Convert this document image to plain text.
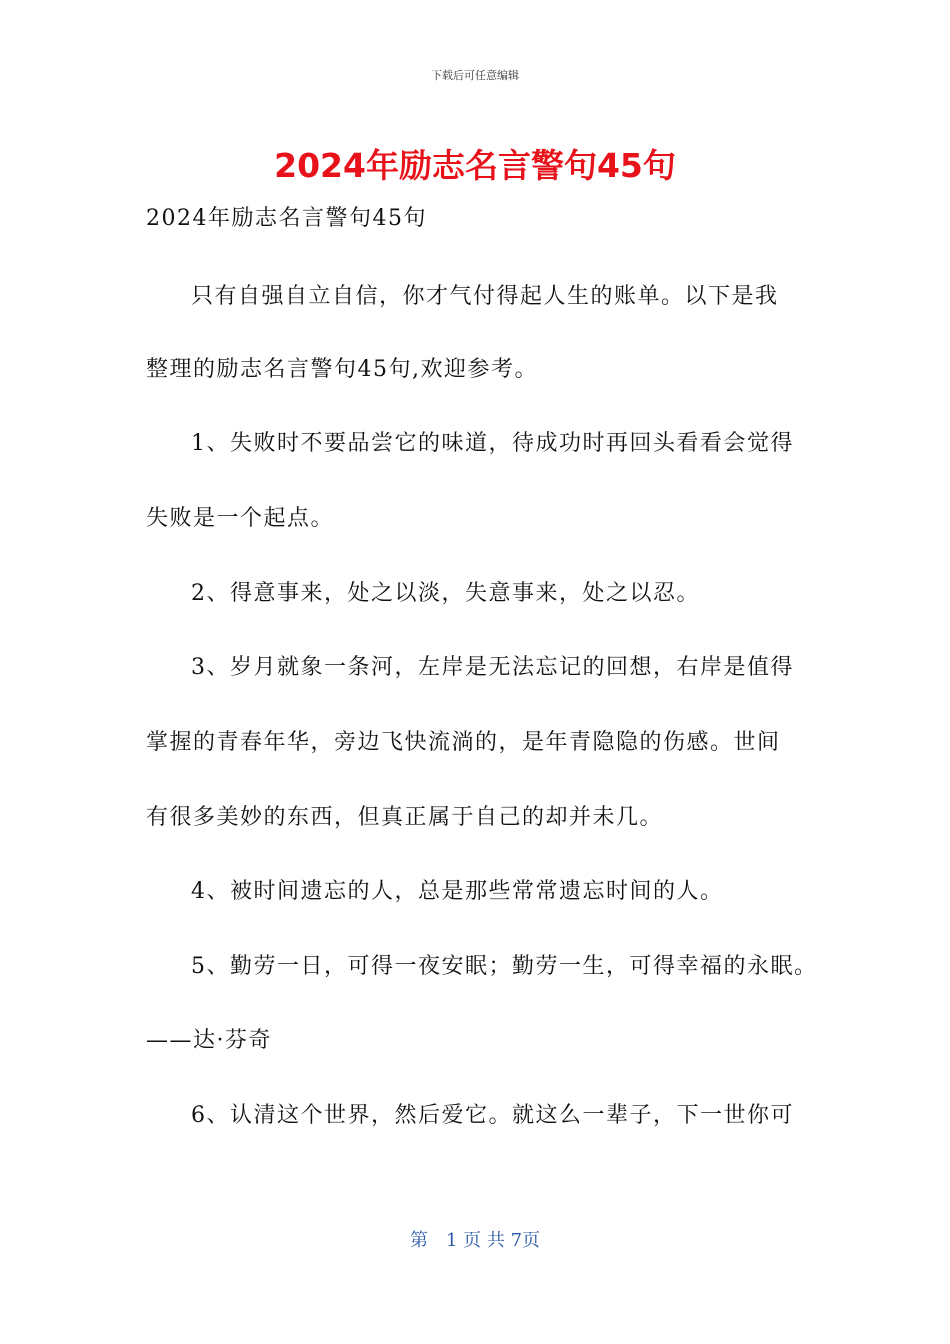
下载后可任意编辑
2024年励志名言警句45句
2024年励志名言警句45句
只有自强自立自信，你才气付得起人生的账单。以下是我
整理的励志名言警句45句,欢迎参考。
1、失败时不要品尝它的味道，待成功时再回头看看会觉得
失败是一个起点。
2、得意事来，处之以淡，失意事来，处之以忍。
3、岁月就象一条河，左岸是无法忘记的回想，右岸是值得
掌握的青春年华，旁边飞快流淌的，是年青隐隐的伤感。世间
有很多美妙的东西，但真正属于自己的却并未几。
4、被时间遗忘的人，总是那些常常遗忘时间的人。
5、勤劳一日，可得一夜安眠；勤劳一生，可得幸福的永眠。
——达·芬奇
6、认清这个世界，然后爱它。就这么一辈子，下一世你可
第　1 页 共 7页
